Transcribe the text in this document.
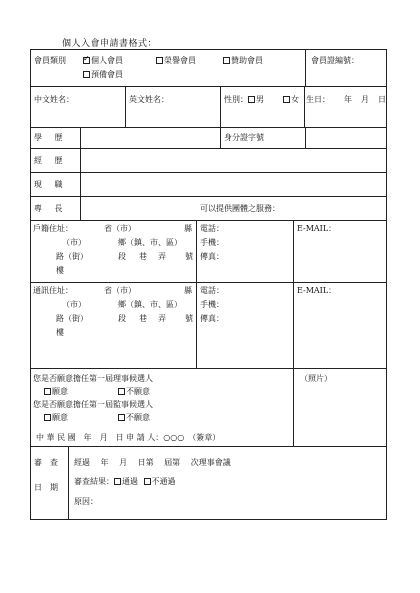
個人入會申請書格式：
會員類別
✓	個人會員	榮譽會員	贊助會員
預備會員
會員證編號：
中文姓名：	英文姓名：	性別： 男	女 生日： 年 月 日
學 歷	身分證字號
經 歷
現 職
專 長	可以提供團體之服務：
戶籍住址：	省（市）	縣
（市）	鄉（鎮、市、區）
路（街）	段 巷 弄 號
樓
電話：
手機：
傳真：
E-MAIL：
通訊住址：	省（市）	縣
（市）	鄉（鎮、市、區）
路（街）	段 巷 弄 號
樓
電話：
手機：
傳真：
E-MAIL：
您是否願意擔任第一屆理事候選人
願意	不願意
您是否願意擔任第一屆監事候選人
願意	不願意
中 華 民 國　年　月　日 申 請 人：○○○　（簽章）
（照片）
審　查
日　期
經過　 年　 月　 日第　 屆第　 次理事會議
審查結果： 通過 不通過
原因：
